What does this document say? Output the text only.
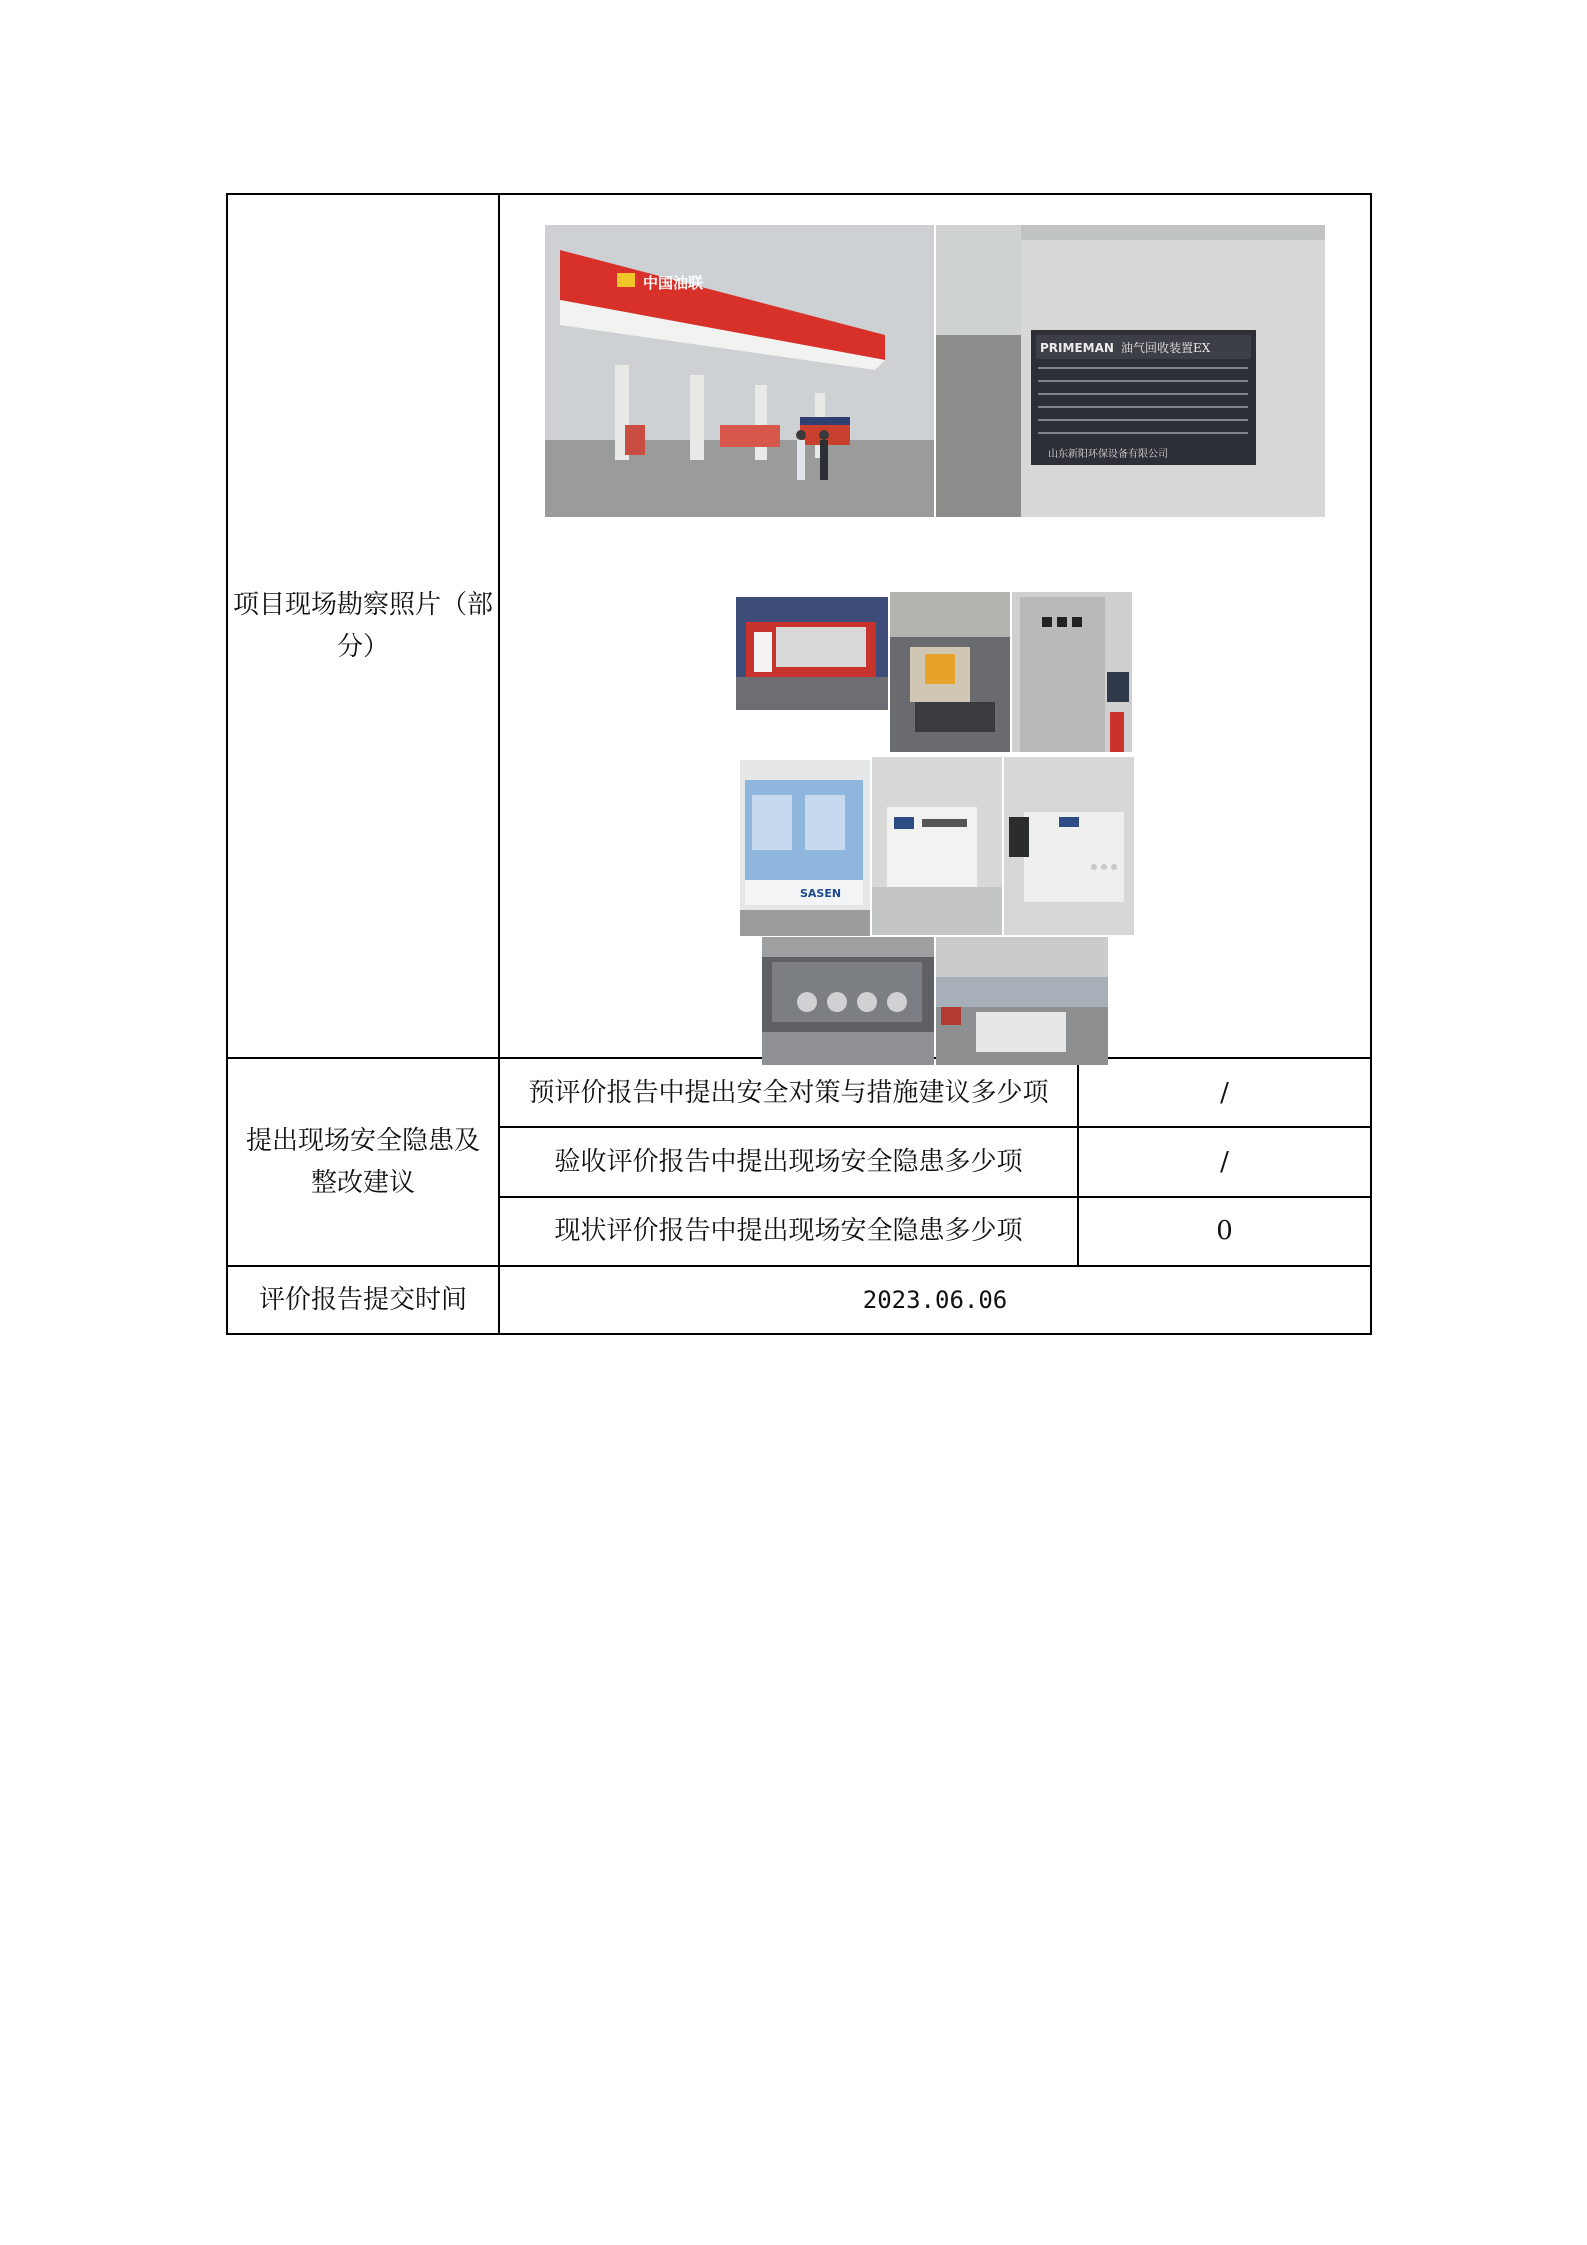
项目现场勘察照片（部分）	中国油联
PRIMEMAN 油气回收装置EX
山东新阳环保设备有限公司
SASEN	

提出现场安全隐患及整改建议	预评价报告中提出安全对策与措施建议多少项	/
	验收评价报告中提出现场安全隐患多少项	/
	现状评价报告中提出现场安全隐患多少项	0
评价报告提交时间	2023.06.06	
